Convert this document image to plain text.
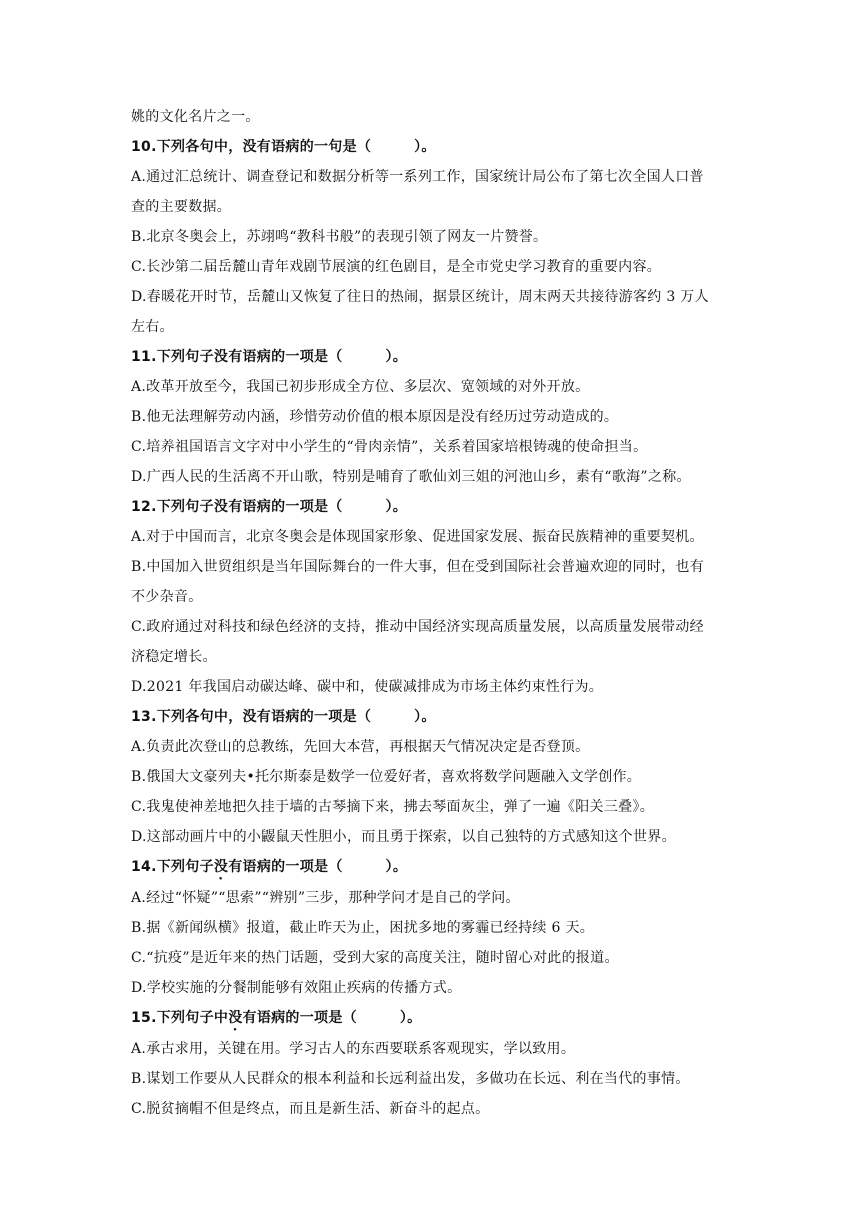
姚的文化名片之一。
10.下列各句中，没有语病的一句是（　　　）。
A.通过汇总统计、调查登记和数据分析等一系列工作，国家统计局公布了第七次全国人口普
查的主要数据。
B.北京冬奥会上，苏翊鸣“教科书般”的表现引领了网友一片赞誉。
C.长沙第二届岳麓山青年戏剧节展演的红色剧目，是全市党史学习教育的重要内容。
D.春暖花开时节，岳麓山又恢复了往日的热闹，据景区统计，周末两天共接待游客约 3 万人
左右。
11.下列句子没有语病的一项是（　　　）。
A.改革开放至今，我国已初步形成全方位、多层次、宽领域的对外开放。
B.他无法理解劳动内涵，珍惜劳动价值的根本原因是没有经历过劳动造成的。
C.培养祖国语言文字对中小学生的“骨肉亲情”，关系着国家培根铸魂的使命担当。
D.广西人民的生活离不开山歌，特别是哺育了歌仙刘三姐的河池山乡，素有“歌海”之称。
12.下列句子没有语病的一项是（　　　）。
A.对于中国而言，北京冬奥会是体现国家形象、促进国家发展、振奋民族精神的重要契机。
B.中国加入世贸组织是当年国际舞台的一件大事，但在受到国际社会普遍欢迎的同时，也有
不少杂音。
C.政府通过对科技和绿色经济的支持，推动中国经济实现高质量发展，以高质量发展带动经
济稳定增长。
D.2021 年我国启动碳达峰、碳中和，使碳减排成为市场主体约束性行为。
13.下列各句中，没有语病的一项是（　　　）。
A.负责此次登山的总教练，先回大本营，再根据天气情况决定是否登顶。
B.俄国大文豪列夫•托尔斯泰是数学一位爱好者，喜欢将数学问题融入文学创作。
C.我鬼使神差地把久挂于墙的古琴摘下来，拂去琴面灰尘，弹了一遍《阳关三叠》。
D.这部动画片中的小鼹鼠天性胆小，而且勇于探索，以自己独特的方式感知这个世界。
14.下列句子没有语病的一项是（　　　）。
A.经过“怀疑”“思索”“辨别”三步，那种学问才是自己的学问。
B.据《新闻纵横》报道，截止昨天为止，困扰多地的雾霾已经持续 6 天。
C.“抗疫”是近年来的热门话题，受到大家的高度关注，随时留心对此的报道。
D.学校实施的分餐制能够有效阻止疾病的传播方式。
15.下列句子中没有语病的一项是（　　　）。
A.承古求用，关键在用。学习古人的东西要联系客观现实，学以致用。
B.谋划工作要从人民群众的根本利益和长远利益出发，多做功在长远、利在当代的事情。
C.脱贫摘帽不但是终点，而且是新生活、新奋斗的起点。
